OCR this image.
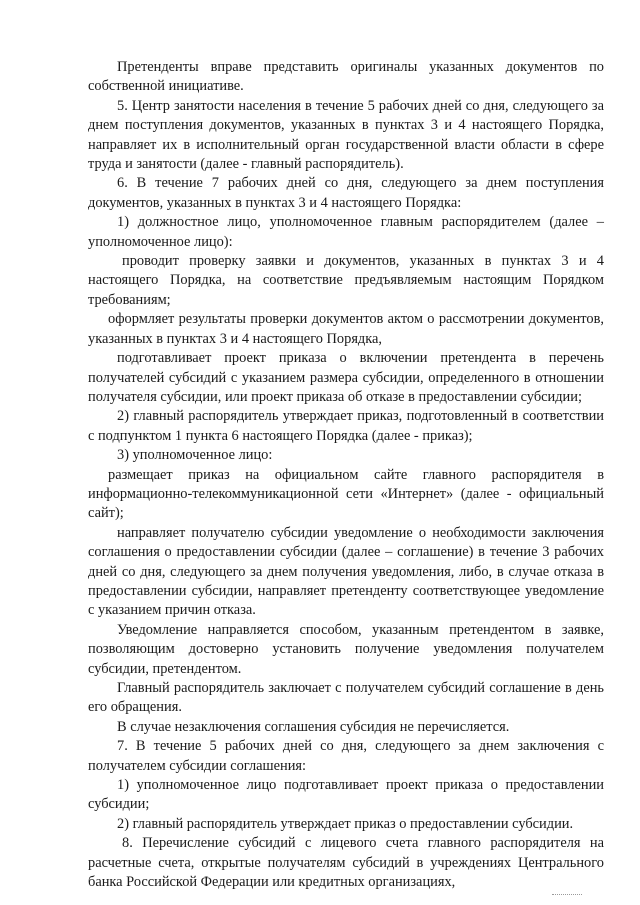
Претенденты вправе представить оригиналы указанных документов по собственной инициативе.

5. Центр занятости населения в течение 5 рабочих дней со дня, следующего за днем поступления документов, указанных в пунктах 3 и 4 настоящего Порядка, направляет их в исполнительный орган государственной власти области в сфере труда и занятости (далее - главный распорядитель).

6. В течение 7 рабочих дней со дня, следующего за днем поступления документов, указанных в пунктах 3 и 4 настоящего Порядка:

1) должностное лицо, уполномоченное главным распорядителем (далее – уполномоченное лицо):

проводит проверку заявки и документов, указанных в пунктах 3 и 4 настоящего Порядка, на соответствие предъявляемым настоящим Порядком требованиям;

оформляет результаты проверки документов актом о рассмотрении документов, указанных в пунктах 3 и 4 настоящего Порядка,

подготавливает проект приказа о включении претендента в перечень получателей субсидий с указанием размера субсидии, определенного в отношении получателя субсидии, или проект приказа об отказе в предоставлении субсидии;

2) главный распорядитель утверждает приказ, подготовленный в соответствии с подпунктом 1 пункта 6 настоящего Порядка (далее - приказ);

3) уполномоченное лицо:

размещает приказ на официальном сайте главного распорядителя в информационно-телекоммуникационной сети «Интернет» (далее - официальный сайт);

направляет получателю субсидии уведомление о необходимости заключения соглашения о предоставлении субсидии (далее – соглашение) в течение 3 рабочих дней со дня, следующего за днем получения уведомления, либо, в случае отказа в предоставлении субсидии, направляет претенденту соответствующее уведомление с указанием причин отказа.

Уведомление направляется способом, указанным претендентом в заявке, позволяющим достоверно установить получение уведомления получателем субсидии, претендентом.

Главный распорядитель заключает с получателем субсидий соглашение в день его обращения.

В случае незаключения соглашения субсидия не перечисляется.

7. В течение 5 рабочих дней со дня, следующего за днем заключения с получателем субсидии соглашения:

1) уполномоченное лицо подготавливает проект приказа о предоставлении субсидии;

2) главный распорядитель утверждает приказ о предоставлении субсидии.

8. Перечисление субсидий с лицевого счета главного распорядителя на расчетные счета, открытые получателям субсидий в учреждениях Центрального банка Российской Федерации или кредитных организациях,
